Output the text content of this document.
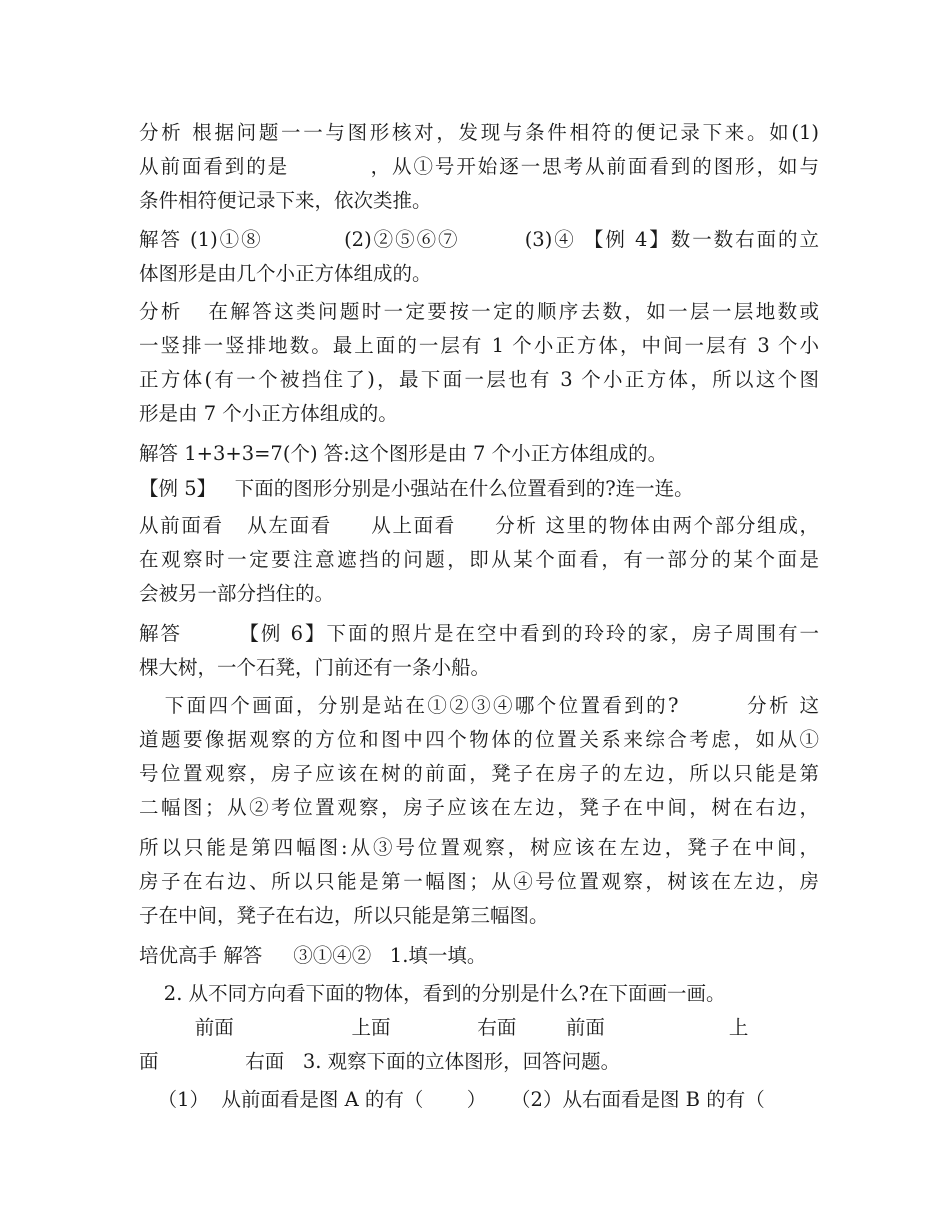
分析 根据问题一一与图形核对，发现与条件相符的便记录下来。如(1)
从前面看到的是          ，从①号开始逐一思考从前面看到的图形，如与
条件相符便记录下来，依次类推。
解答 (1)①⑧          (2)②⑤⑥⑦        (3)④ 【例 4】数一数右面的立
体图形是由几个小正方体组成的。
分析   在解答这类问题时一定要按一定的顺序去数，如一层一层地数或
一竖排一竖排地数。最上面的一层有 1 个小正方体，中间一层有 3 个小
正方体(有一个被挡住了)，最下面一层也有 3 个小正方体，所以这个图
形是由 7 个小正方体组成的。
解答 1+3+3=7(个) 答:这个图形是由 7 个小正方体组成的。
【例 5】   下面的图形分别是小强站在什么位置看到的?连一连。
从前面看   从左面看     从上面看     分析 这里的物体由两个部分组成，
在观察时一定要注意遮挡的问题，即从某个面看，有一部分的某个面是
会被另一部分挡住的。
解答       【例 6】下面的照片是在空中看到的玲玲的家，房子周围有一
棵大树，一个石凳，门前还有一条小船。
下面四个画面，分别是站在①②③④哪个位置看到的?        分析 这
道题要像据观察的方位和图中四个物体的位置关系来综合考虑，如从①
号位置观察，房子应该在树的前面，凳子在房子的左边，所以只能是第
二幅图；从②考位置观察，房子应该在左边，凳子在中间，树在右边，
所以只能是第四幅图:从③号位置观察，树应该在左边，凳子在中间，
房子在右边、所以只能是第一幅图；从④号位置观察，树该在左边，房
子在中间，凳子在右边，所以只能是第三幅图。
培优高手 解答     ③①④②   1.填一填。
2. 从不同方向看下面的物体，看到的分别是什么?在下面画一画。
前面                   上面              右面        前面                    上
面              右面   3. 观察下面的立体图形，回答问题。
（1）  从前面看是图 A 的有（       ）    （2）从右面看是图 B 的有（
